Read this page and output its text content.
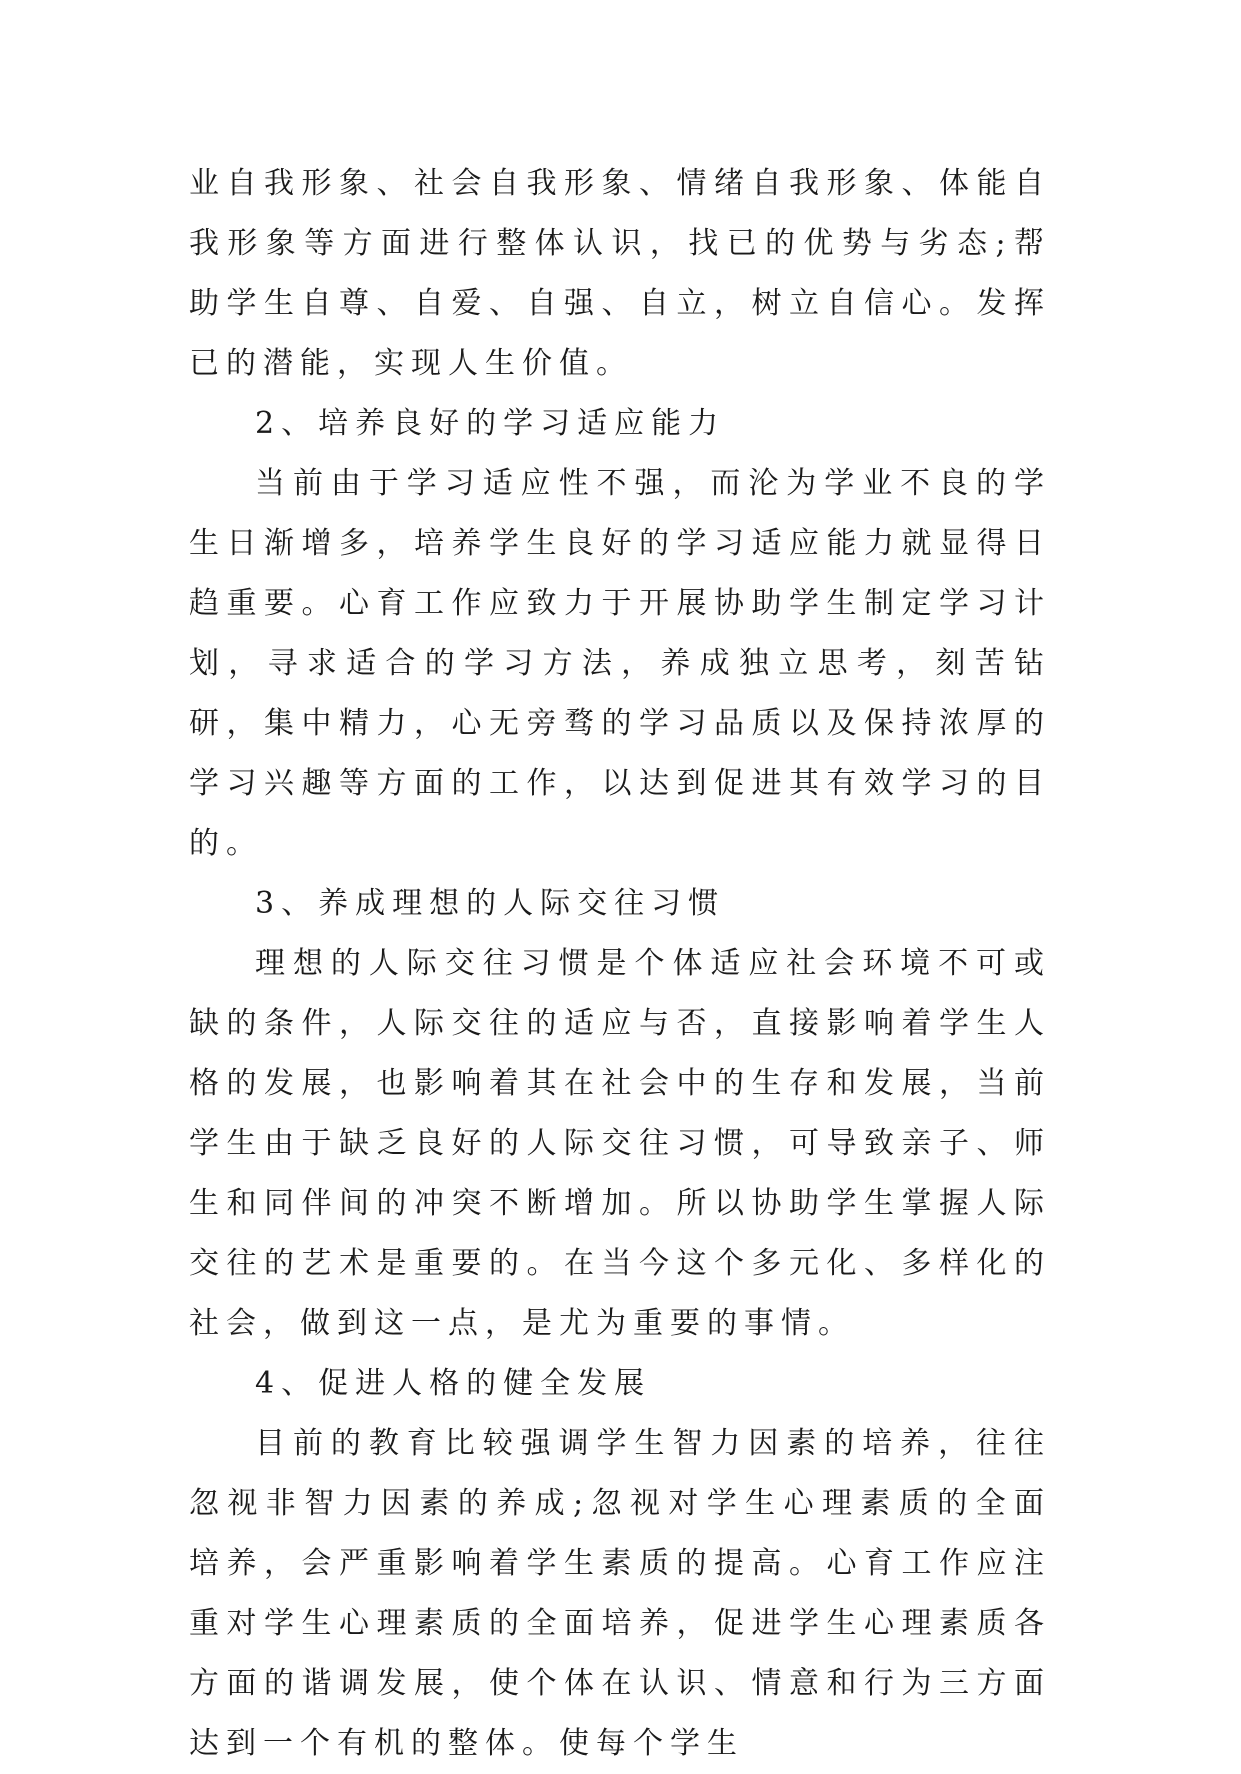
业自我形象、社会自我形象、情绪自我形象、体能自我形象等方面进行整体认识，找已的优势与劣态;帮助学生自尊、自爱、自强、自立，树立自信心。发挥已的潜能，实现人生价值。

2、培养良好的学习适应能力

当前由于学习适应性不强，而沦为学业不良的学生日渐增多，培养学生良好的学习适应能力就显得日趋重要。心育工作应致力于开展协助学生制定学习计划，寻求适合的学习方法，养成独立思考，刻苦钻研，集中精力，心无旁骛的学习品质以及保持浓厚的学习兴趣等方面的工作，以达到促进其有效学习的目的。

3、养成理想的人际交往习惯

理想的人际交往习惯是个体适应社会环境不可或缺的条件，人际交往的适应与否，直接影响着学生人格的发展，也影响着其在社会中的生存和发展，当前学生由于缺乏良好的人际交往习惯，可导致亲子、师生和同伴间的冲突不断增加。所以协助学生掌握人际交往的艺术是重要的。在当今这个多元化、多样化的社会，做到这一点，是尤为重要的事情。

4、促进人格的健全发展

目前的教育比较强调学生智力因素的培养，往往忽视非智力因素的养成;忽视对学生心理素质的全面培养，会严重影响着学生素质的提高。心育工作应注重对学生心理素质的全面培养，促进学生心理素质各方面的谐调发展，使个体在认识、情意和行为三方面达到一个有机的整体。使每个学生
